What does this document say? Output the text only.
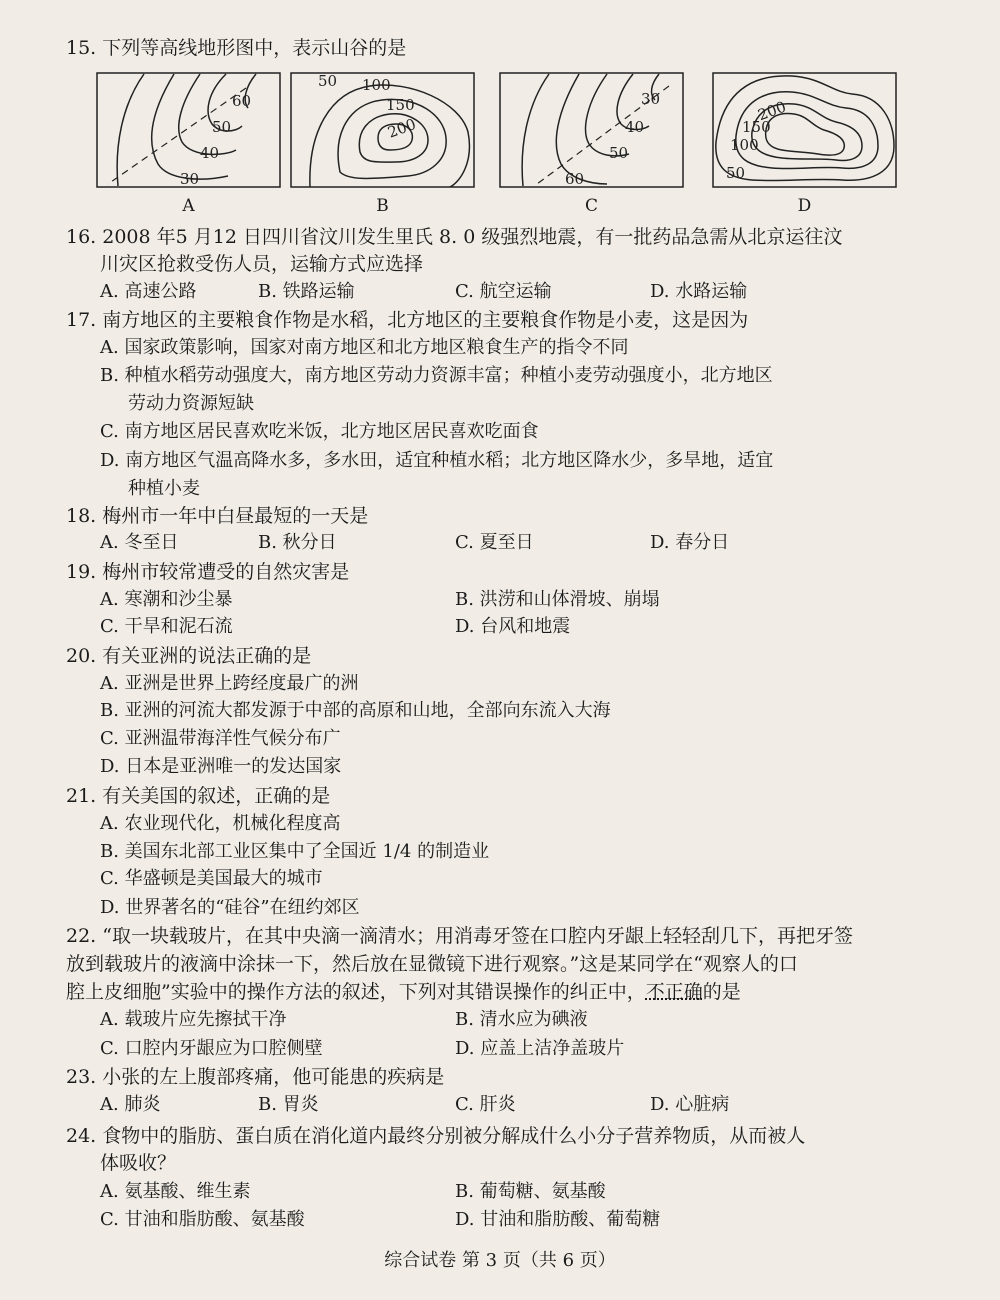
15. 下列等高线地形图中，表示山谷的是
60
50
40
30
A
50 100
150
200
B
30
40
50
60
C
200
150
100
50
D
16. 2008 年5 月12 日四川省汶川发生里氏 8. 0 级强烈地震，有一批药品急需从北京运往汶
川灾区抢救受伤人员，运输方式应选择
A. 高速公路	B. 铁路运输	C. 航空运输	D. 水路运输
17. 南方地区的主要粮食作物是水稻，北方地区的主要粮食作物是小麦，这是因为
A. 国家政策影响，国家对南方地区和北方地区粮食生产的指令不同
B. 种植水稻劳动强度大，南方地区劳动力资源丰富；种植小麦劳动强度小，北方地区
劳动力资源短缺
C. 南方地区居民喜欢吃米饭，北方地区居民喜欢吃面食
D. 南方地区气温高降水多，多水田，适宜种植水稻；北方地区降水少，多旱地，适宜
种植小麦
18. 梅州市一年中白昼最短的一天是
A. 冬至日	B. 秋分日	C. 夏至日	D. 春分日
19. 梅州市较常遭受的自然灾害是
A. 寒潮和沙尘暴	B. 洪涝和山体滑坡、崩塌
C. 干旱和泥石流	D. 台风和地震
20. 有关亚洲的说法正确的是
A. 亚洲是世界上跨经度最广的洲
B. 亚洲的河流大都发源于中部的高原和山地，全部向东流入大海
C. 亚洲温带海洋性气候分布广
D. 日本是亚洲唯一的发达国家
21. 有关美国的叙述，正确的是
A. 农业现代化，机械化程度高
B. 美国东北部工业区集中了全国近 1/4 的制造业
C. 华盛顿是美国最大的城市
D. 世界著名的“硅谷”在纽约郊区
22. “取一块载玻片，在其中央滴一滴清水；用消毒牙签在口腔内牙龈上轻轻刮几下，再把牙签
放到载玻片的液滴中涂抹一下，然后放在显微镜下进行观察。”这是某同学在“观察人的口
腔上皮细胞”实验中的操作方法的叙述，下列对其错误操作的纠正中，不正确的是
A. 载玻片应先擦拭干净	B. 清水应为碘液
C. 口腔内牙龈应为口腔侧壁	D. 应盖上洁净盖玻片
23. 小张的左上腹部疼痛，他可能患的疾病是
A. 肺炎	B. 胃炎	C. 肝炎	D. 心脏病
24. 食物中的脂肪、蛋白质在消化道内最终分别被分解成什么小分子营养物质，从而被人
体吸收？
A. 氨基酸、维生素	B. 葡萄糖、氨基酸
C. 甘油和脂肪酸、氨基酸	D. 甘油和脂肪酸、葡萄糖
综合试卷 第 3 页（共 6 页）
